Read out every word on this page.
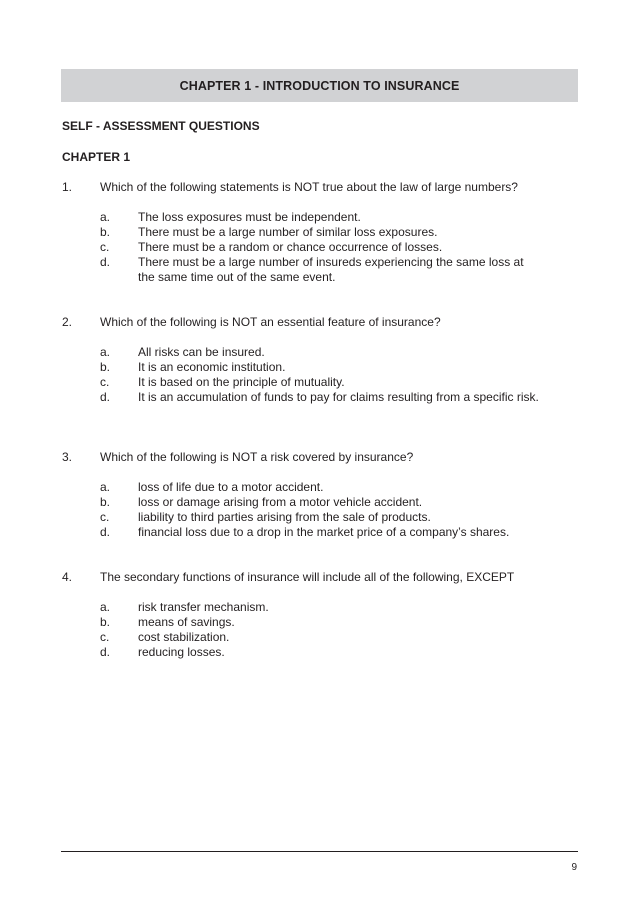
CHAPTER 1 - INTRODUCTION TO INSURANCE
SELF - ASSESSMENT QUESTIONS
CHAPTER 1
1.	Which of the following statements is NOT true about the law of large numbers?
a.	The loss exposures must be independent.
b.	There must be a large number of similar loss exposures.
c.	There must be a random or chance occurrence of losses.
d.	There must be a large number of insureds experiencing the same loss at the same time out of the same event.
2.	Which of the following is NOT an essential feature of insurance?
a.	All risks can be insured.
b.	It is an economic institution.
c.	It is based on the principle of mutuality.
d.	It is an accumulation of funds to pay for claims resulting from a specific risk.
3.	Which of the following is NOT a risk covered by insurance?
a.	loss of life due to a motor accident.
b.	loss or damage arising from a motor vehicle accident.
c.	liability to third parties arising from the sale of products.
d.	financial loss due to a drop in the market price of a company’s shares.
4.	The secondary functions of insurance will include all of the following, EXCEPT
a.	risk transfer mechanism.
b.	means of savings.
c.	cost stabilization.
d.	reducing losses.
9
